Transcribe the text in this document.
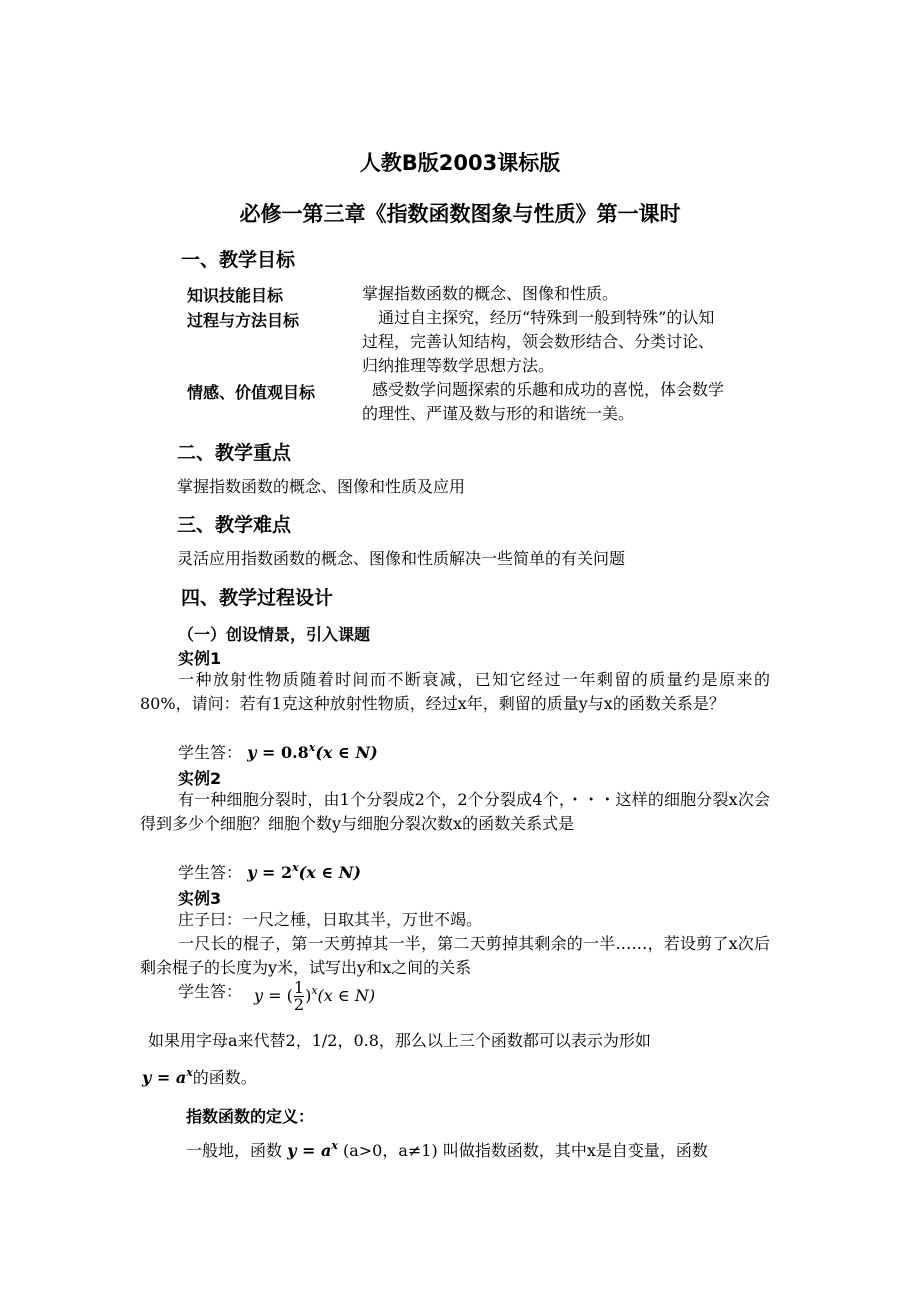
人教B版2003课标版
必修一第三章《指数函数图象与性质》第一课时
一、教学目标
知识技能目标	掌握指数函数的概念、图像和性质。
过程与方法目标	通过自主探究，经历“特殊到一般到特殊”的认知
过程，完善认知结构，领会数形结合、分类讨论、
归纳推理等数学思想方法。
情感、价值观目标	感受数学问题探索的乐趣和成功的喜悦，体会数学
的理性、严谨及数与形的和谐统一美。
二、教学重点
掌握指数函数的概念、图像和性质及应用
三、教学难点
灵活应用指数函数的概念、图像和性质解决一些简单的有关问题
四、教学过程设计
（一）创设情景，引入课题
实例1
一种放射性物质随着时间而不断衰减，已知它经过一年剩留的质量约是原来的80%，请问：若有1克这种放射性物质，经过x年，剩留的质量y与x的函数关系是？
学生答： $y = 0.8^x(x$ ∈ N)
实例2
有一种细胞分裂时，由1个分裂成2个，2个分裂成4个，・・・这样的细胞分裂x次会得到多少个细胞？细胞个数y与细胞分裂次数x的函数关系式是
学生答： $y = 2^x(x$ ∈ N)
实例3
庄子曰：一尺之棰，日取其半，万世不竭。
一尺长的棍子，第一天剪掉其一半，第二天剪掉其剩余的一半……，若设剪了x次后剩余棍子的长度为y米，试写出y和x之间的关系
学生答： y = ( $\frac{1}{2} )^x(x$ ∈ N)
如果用字母a来代替2，1/2，0.8，那么以上三个函数都可以表示为形如
$y = a^x$的函数。
指数函数的定义：
一般地，函数 $y = a^x$ (a>0，a≠1) 叫做指数函数，其中x是自变量，函数
